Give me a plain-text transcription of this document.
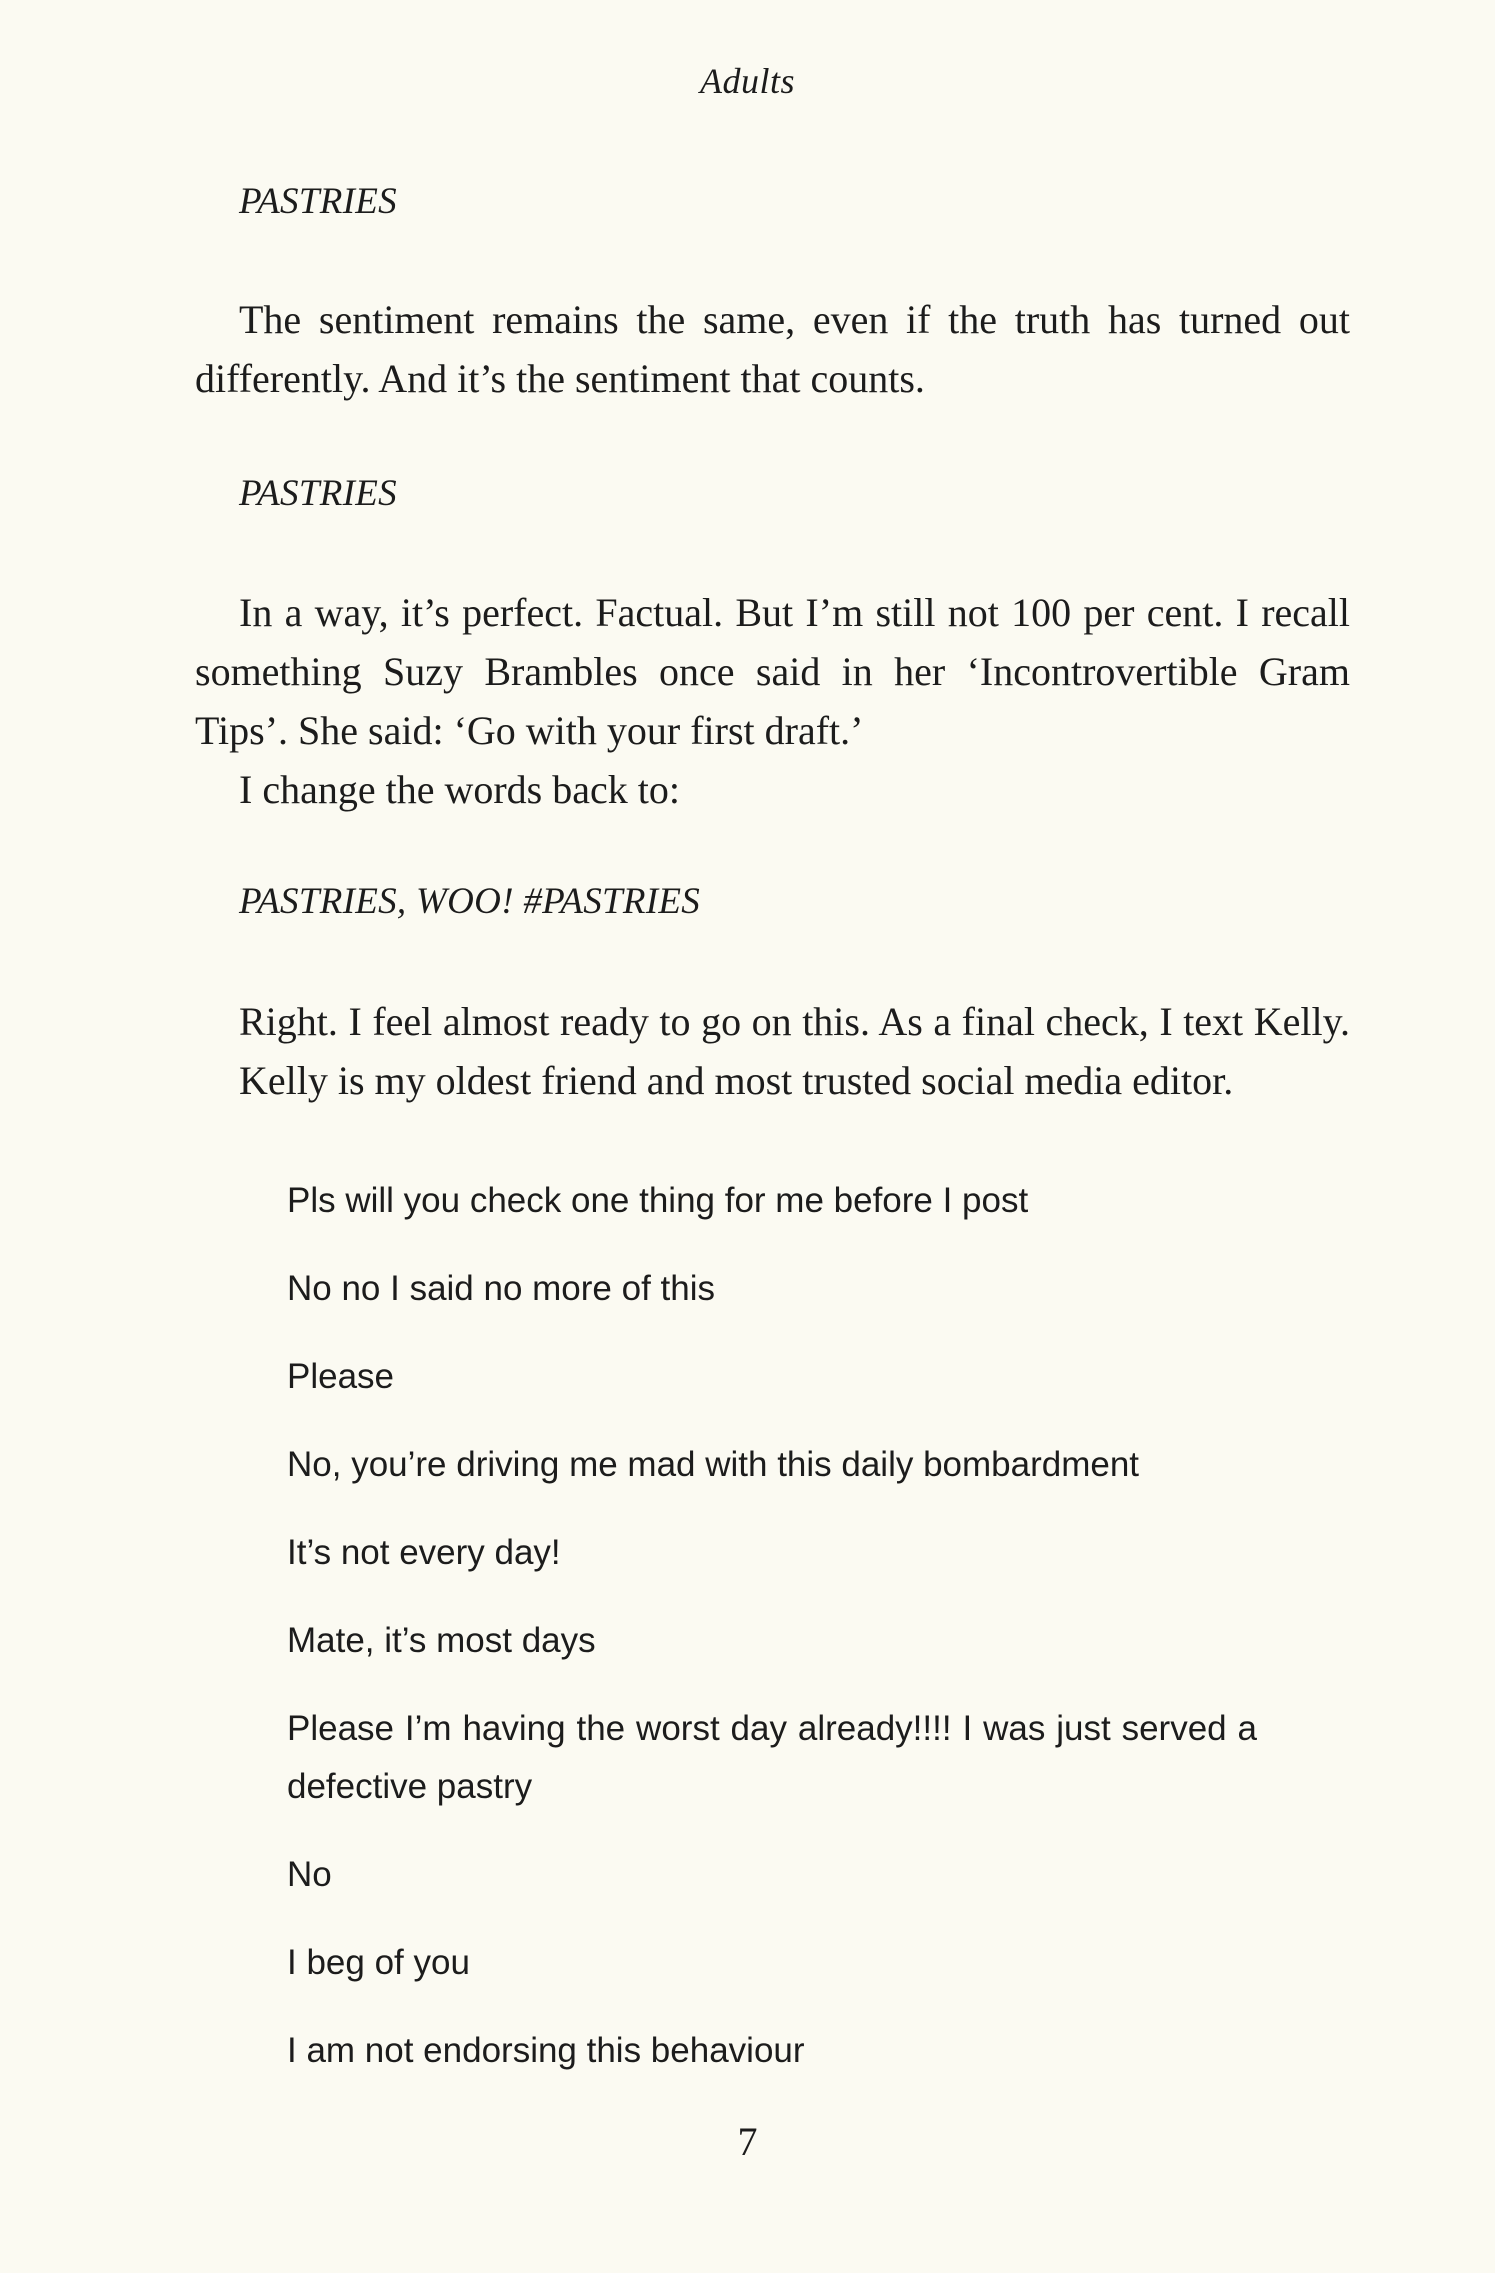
Adults
PASTRIES
The sentiment remains the same, even if the truth has turned out differently. And it’s the sentiment that counts.
PASTRIES
In a way, it’s perfect. Factual. But I’m still not 100 per cent. I recall something Suzy Brambles once said in her ‘Incontrovertible Gram Tips’. She said: ‘Go with your first draft.’
I change the words back to:
PASTRIES, WOO! #PASTRIES
Right. I feel almost ready to go on this. As a final check, I text Kelly. Kelly is my oldest friend and most trusted social media editor.
Pls will you check one thing for me before I post
No no I said no more of this
Please
No, you’re driving me mad with this daily bombardment
It’s not every day!
Mate, it’s most days
Please I’m having the worst day already!!!! I was just served a defective pastry
No
I beg of you
I am not endorsing this behaviour
7
